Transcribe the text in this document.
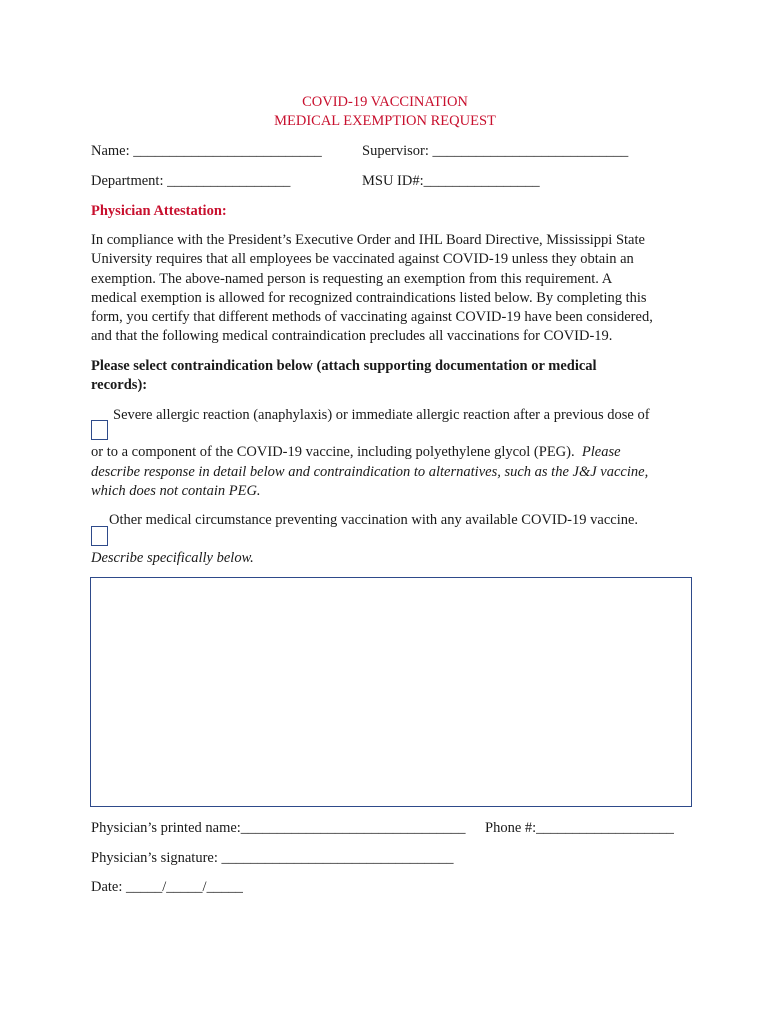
COVID-19 VACCINATION
MEDICAL EXEMPTION REQUEST
Name: __________________________	Supervisor: ___________________________
Department: _________________	MSU ID#:________________
Physician Attestation:
In compliance with the President’s Executive Order and IHL Board Directive, Mississippi State
University requires that all employees be vaccinated against COVID-19 unless they obtain an
exemption. The above-named person is requesting an exemption from this requirement. A
medical exemption is allowed for recognized contraindications listed below. By completing this
form, you certify that different methods of vaccinating against COVID-19 have been considered,
and that the following medical contraindication precludes all vaccinations for COVID-19.
Please select contraindication below (attach supporting documentation or medical
records):
Severe allergic reaction (anaphylaxis) or immediate allergic reaction after a previous dose of
or to a component of the COVID-19 vaccine, including polyethylene glycol (PEG). Please
describe response in detail below and contraindication to alternatives, such as the J&J vaccine,
which does not contain PEG.
Other medical circumstance preventing vaccination with any available COVID-19 vaccine.
Describe specifically below.
Physician’s printed name:_______________________________ Phone #:___________________
Physician’s signature: ________________________________
Date: _____/_____/_____
